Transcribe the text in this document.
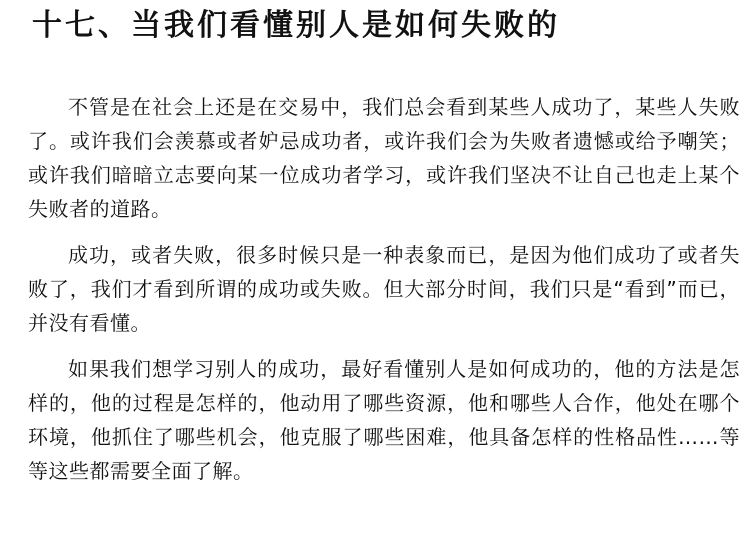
十七、当我们看懂别人是如何失败的

不管是在社会上还是在交易中，我们总会看到某些人成功了，某些人失败了。或许我们会羡慕或者妒忌成功者，或许我们会为失败者遗憾或给予嘲笑；或许我们暗暗立志要向某一位成功者学习，或许我们坚决不让自己也走上某个失败者的道路。

成功，或者失败，很多时候只是一种表象而已，是因为他们成功了或者失败了，我们才看到所谓的成功或失败。但大部分时间，我们只是“看到”而已，并没有看懂。

如果我们想学习别人的成功，最好看懂别人是如何成功的，他的方法是怎样的，他的过程是怎样的，他动用了哪些资源，他和哪些人合作，他处在哪个环境，他抓住了哪些机会，他克服了哪些困难，他具备怎样的性格品性……等等这些都需要全面了解。
